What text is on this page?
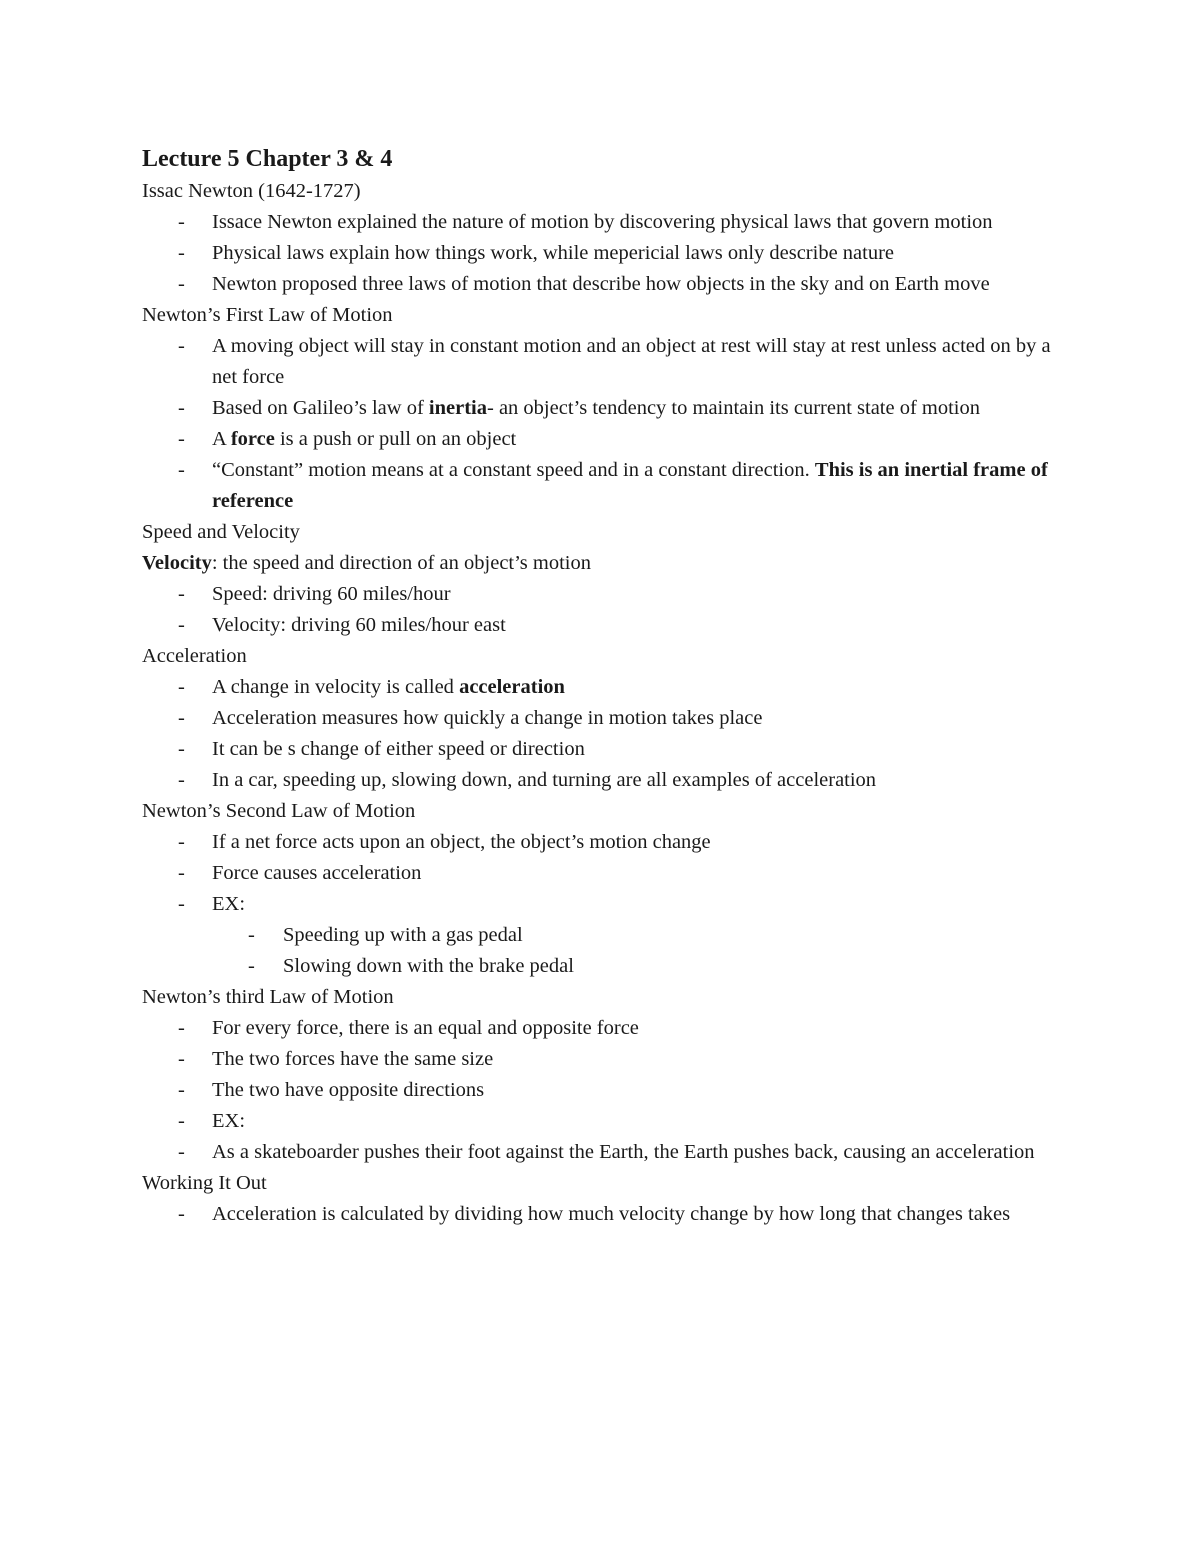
Lecture 5 Chapter 3 & 4
Issac Newton (1642-1727)
- Issace Newton explained the nature of motion by discovering physical laws that govern motion
- Physical laws explain how things work, while mepericial laws only describe nature
- Newton proposed three laws of motion that describe how objects in the sky and on Earth move
Newton’s First Law of Motion
- A moving object will stay in constant motion and an object at rest will stay at rest unless acted on by a net force
- Based on Galileo’s law of inertia- an object’s tendency to maintain its current state of motion
- A force is a push or pull on an object
- “Constant” motion means at a constant speed and in a constant direction. This is an inertial frame of reference
Speed and Velocity
Velocity: the speed and direction of an object’s motion
- Speed: driving 60 miles/hour
- Velocity: driving 60 miles/hour east
Acceleration
- A change in velocity is called acceleration
- Acceleration measures how quickly a change in motion takes place
- It can be s change of either speed or direction
- In a car, speeding up, slowing down, and turning are all examples of acceleration
Newton’s Second Law of Motion
- If a net force acts upon an object, the object’s motion change
- Force causes acceleration
- EX:
- Speeding up with a gas pedal
- Slowing down with the brake pedal
Newton’s third Law of Motion
- For every force, there is an equal and opposite force
- The two forces have the same size
- The two have opposite directions
- EX:
- As a skateboarder pushes their foot against the Earth, the Earth pushes back, causing an acceleration
Working It Out
- Acceleration is calculated by dividing how much velocity change by how long that changes takes
